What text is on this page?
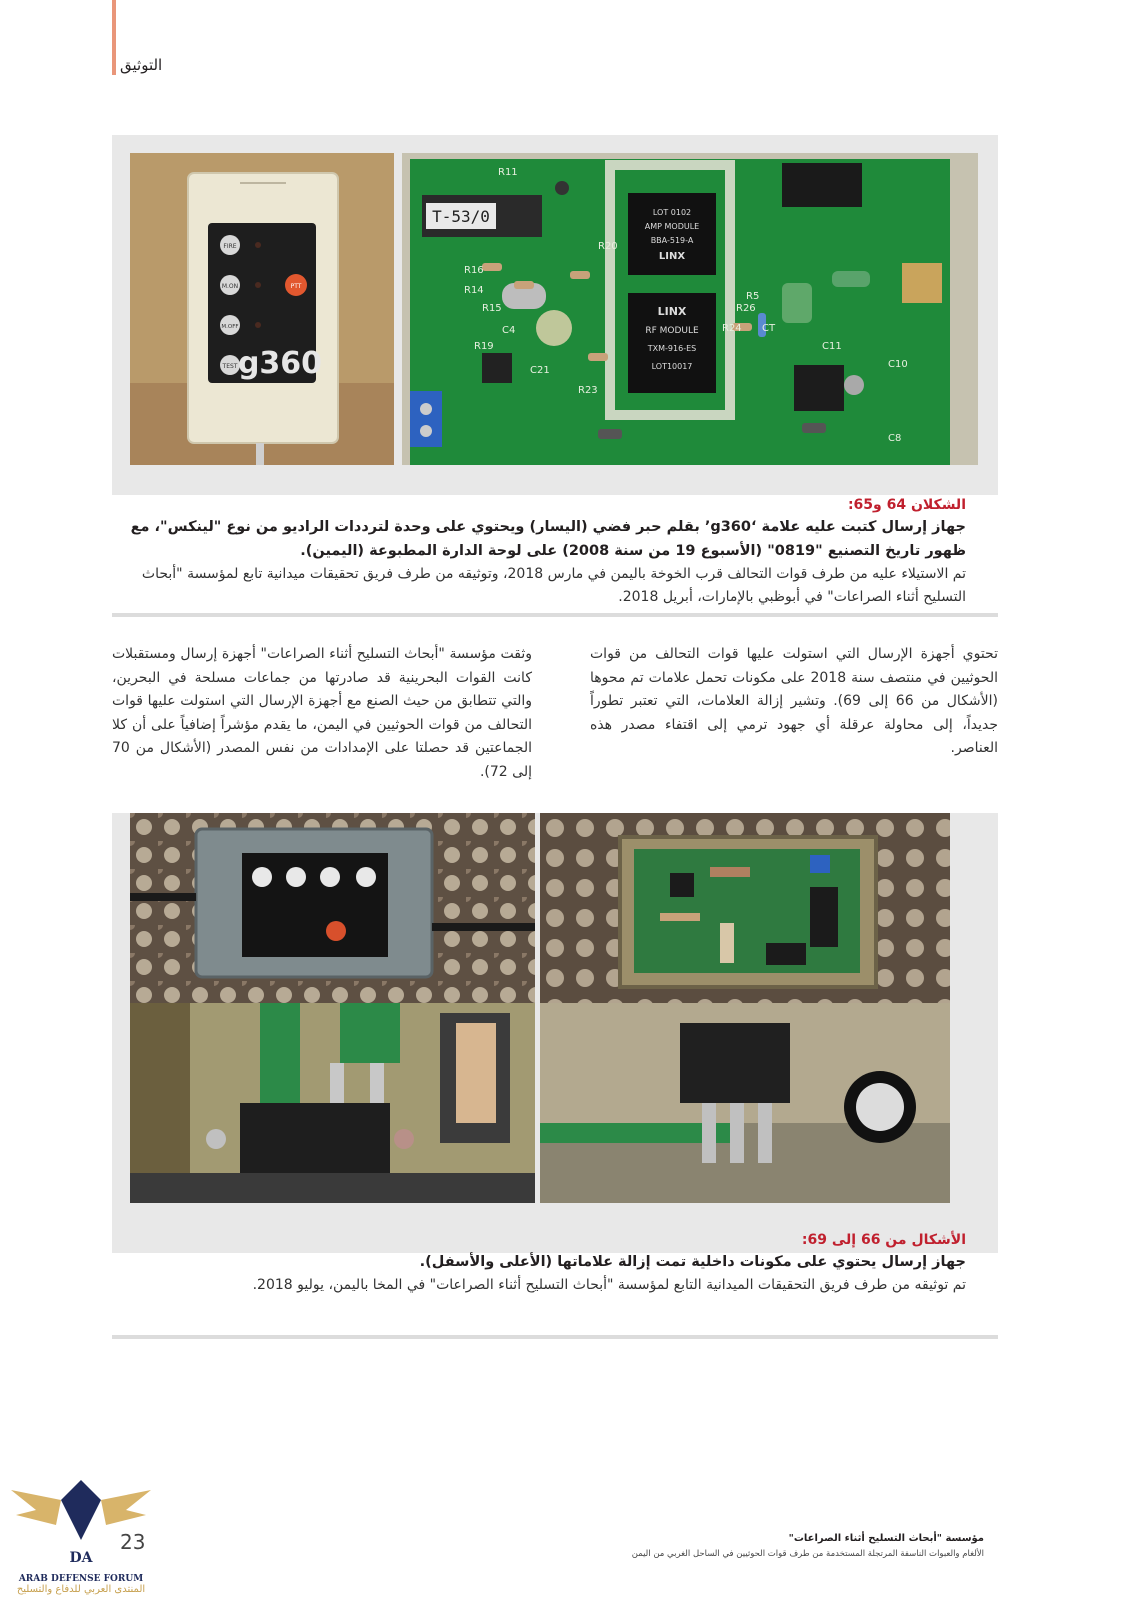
التوثيق
FIRE
M.ON
M.OFF
TEST
PTT
g360
T-53/0	LOT 0102
AMP MODULE
BBA-519-A
LINX
LINX
RF MODULE
TXM-916-ES
LOT10017
R11
R20
R16
R14
R15
C4
R19
R26
R24
C11
C10
C8
C21
R23
R5
CT
الشكلان 64 و65:
جهاز إرسال كتبت عليه علامة ‘g360’ بقلم حبر فضي (اليسار) ويحتوي على وحدة لترددات الراديو من نوع "لينكس"، مع ظهور تاريخ التصنيع "0819" (الأسبوع 19 من سنة 2008) على لوحة الدارة المطبوعة (اليمين).
تم الاستيلاء عليه من طرف قوات التحالف قرب الخوخة باليمن في مارس 2018، وتوثيقه من طرف فريق تحقيقات ميدانية تابع لمؤسسة "أبحاث التسليح أثناء الصراعات" في أبوظبي بالإمارات، أبريل 2018.
تحتوي أجهزة الإرسال التي استولت عليها قوات التحالف من قوات الحوثيين في منتصف سنة 2018 على مكونات تحمل علامات تم محوها (الأشكال من 66 إلى 69). وتشير إزالة العلامات، التي تعتبر تطوراً جديداً، إلى محاولة عرقلة أي جهود ترمي إلى اقتفاء مصدر هذه العناصر.
وثقت مؤسسة "أبحاث التسليح أثناء الصراعات" أجهزة إرسال ومستقبلات كانت القوات البحرينية قد صادرتها من جماعات مسلحة في البحرين، والتي تتطابق من حيث الصنع مع أجهزة الإرسال التي استولت عليها قوات التحالف من قوات الحوثيين في اليمن، ما يقدم مؤشراً إضافياً على أن كلا الجماعتين قد حصلتا على الإمدادات من نفس المصدر (الأشكال من 70 إلى 72).
الأشكال من 66 إلى 69:
جهاز إرسال يحتوي على مكونات داخلية تمت إزالة علاماتها (الأعلى والأسفل).
تم توثيقه من طرف فريق التحقيقات الميدانية التابع لمؤسسة "أبحاث التسليح أثناء الصراعات" في المخا باليمن، يوليو 2018.
مؤسسة "أبحاث التسليح أثناء الصراعات"
الألغام والعبوات الناسفة المرتجلة المستخدمة من طرف قوات الحوثيين في الساحل الغربي من اليمن
23
DA
ARAB DEFENSE FORUM
المنتدى العربي للدفاع والتسليح
